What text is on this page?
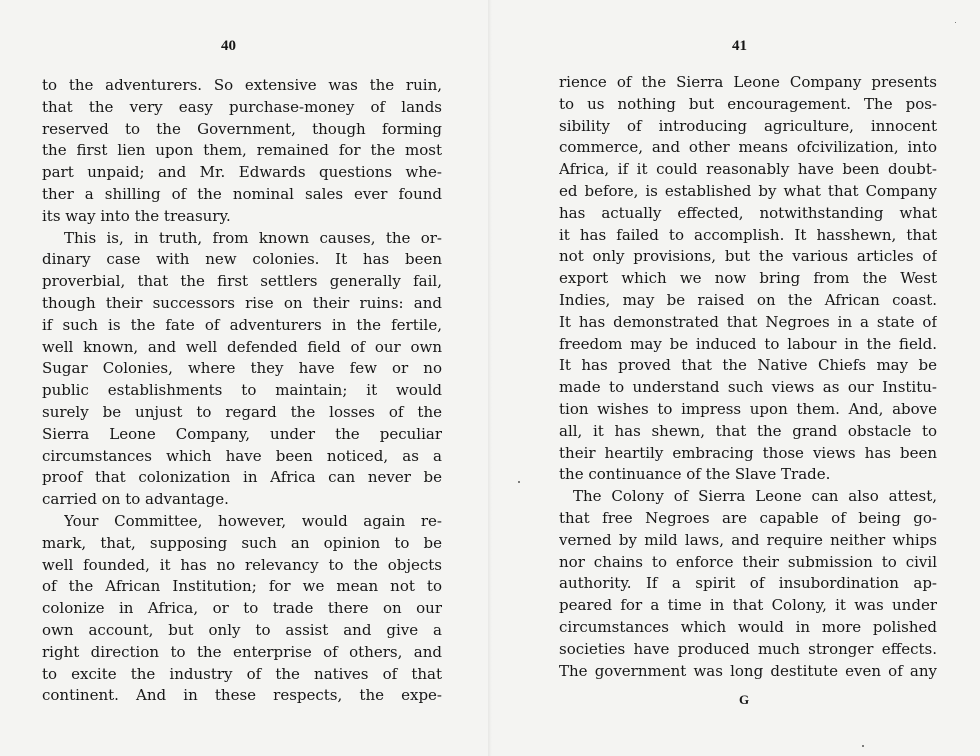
40
to the adventurers. So extensive was the ruin,
that the very easy purchase-money of lands
reserved to the Government, though forming
the first lien upon them, remained for the most
part unpaid; and Mr. Edwards questions whe-
ther a shilling of the nominal sales ever found
its way into the treasury.
This is, in truth, from known causes, the or-
dinary case with new colonies. It has been
proverbial, that the first settlers generally fail,
though their successors rise on their ruins: and
if such is the fate of adventurers in the fertile,
well known, and well defended field of our own
Sugar Colonies, where they have few or no
public establishments to maintain; it would
surely be unjust to regard the losses of the
Sierra Leone Company, under the peculiar
circumstances which have been noticed, as a
proof that colonization in Africa can never be
carried on to advantage.
Your Committee, however, would again re-
mark, that, supposing such an opinion to be
well founded, it has no relevancy to the objects
of the African Institution; for we mean not to
colonize in Africa, or to trade there on our
own account, but only to assist and give a
right direction to the enterprise of others, and
to excite the industry of the natives of that
continent. And in these respects, the expe-
41
rience of the Sierra Leone Company presents
to us nothing but encouragement. The pos-
sibility of introducing agriculture, innocent
commerce, and other means ofcivilization, into
Africa, if it could reasonably have been doubt-
ed before, is established by what that Company
has actually effected, notwithstanding what
it has failed to accomplish. It hasshewn, that
not only provisions, but the various articles of
export which we now bring from the West
Indies, may be raised on the African coast.
It has demonstrated that Negroes in a state of
freedom may be induced to labour in the field.
It has proved that the Native Chiefs may be
made to understand such views as our Institu-
tion wishes to impress upon them. And, above
all, it has shewn, that the grand obstacle to
their heartily embracing those views has been
the continuance of the Slave Trade.
The Colony of Sierra Leone can also attest,
that free Negroes are capable of being go-
verned by mild laws, and require neither whips
nor chains to enforce their submission to civil
authority. If a spirit of insubordination ap-
peared for a time in that Colony, it was under
circumstances which would in more polished
societies have produced much stronger effects.
The government was long destitute even of any
G
